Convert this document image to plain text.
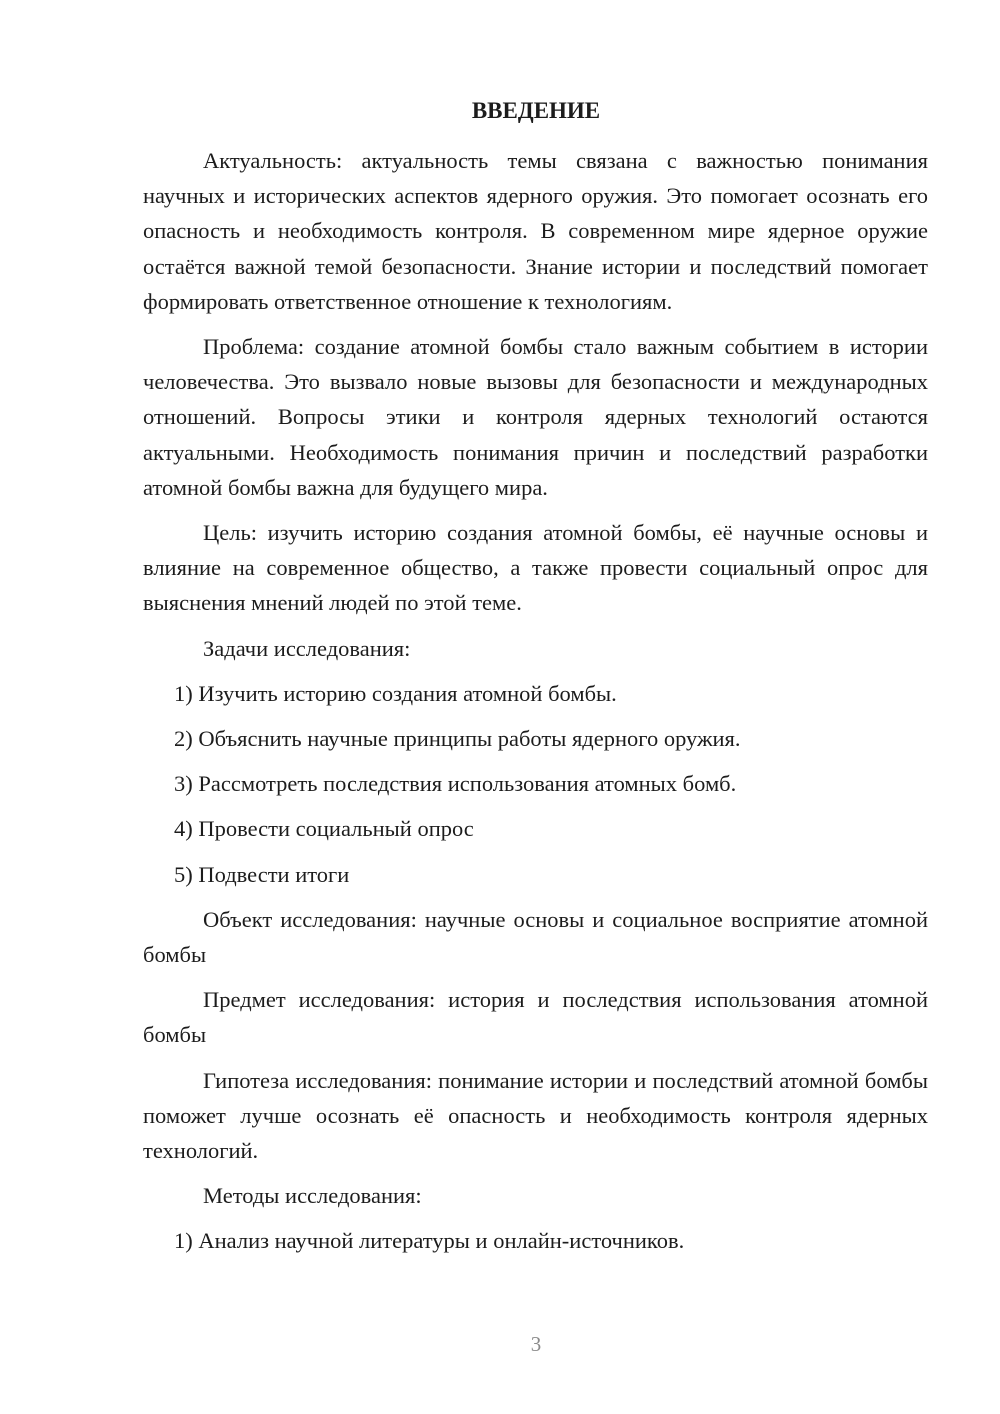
ВВЕДЕНИЕ

Актуальность: актуальность темы связана с важностью понимания научных и исторических аспектов ядерного оружия. Это помогает осознать его опасность и необходимость контроля. В современном мире ядерное оружие остаётся важной темой безопасности. Знание истории и последствий помогает формировать ответственное отношение к технологиям.

Проблема: создание атомной бомбы стало важным событием в истории человечества. Это вызвало новые вызовы для безопасности и международных отношений. Вопросы этики и контроля ядерных технологий остаются актуальными. Необходимость понимания причин и последствий разработки атомной бомбы важна для будущего мира.

Цель: изучить историю создания атомной бомбы, её научные основы и влияние на современное общество, а также провести социальный опрос для выяснения мнений людей по этой теме.

Задачи исследования:

1) Изучить историю создания атомной бомбы.

2) Объяснить научные принципы работы ядерного оружия.

3) Рассмотреть последствия использования атомных бомб.

4) Провести социальный опрос

5) Подвести итоги

Объект исследования: научные основы и социальное восприятие атомной бомбы

Предмет исследования: история и последствия использования атомной бомбы

Гипотеза исследования: понимание истории и последствий атомной бомбы поможет лучше осознать её опасность и необходимость контроля ядерных технологий.

Методы исследования:

1) Анализ научной литературы и онлайн-источников.

3
